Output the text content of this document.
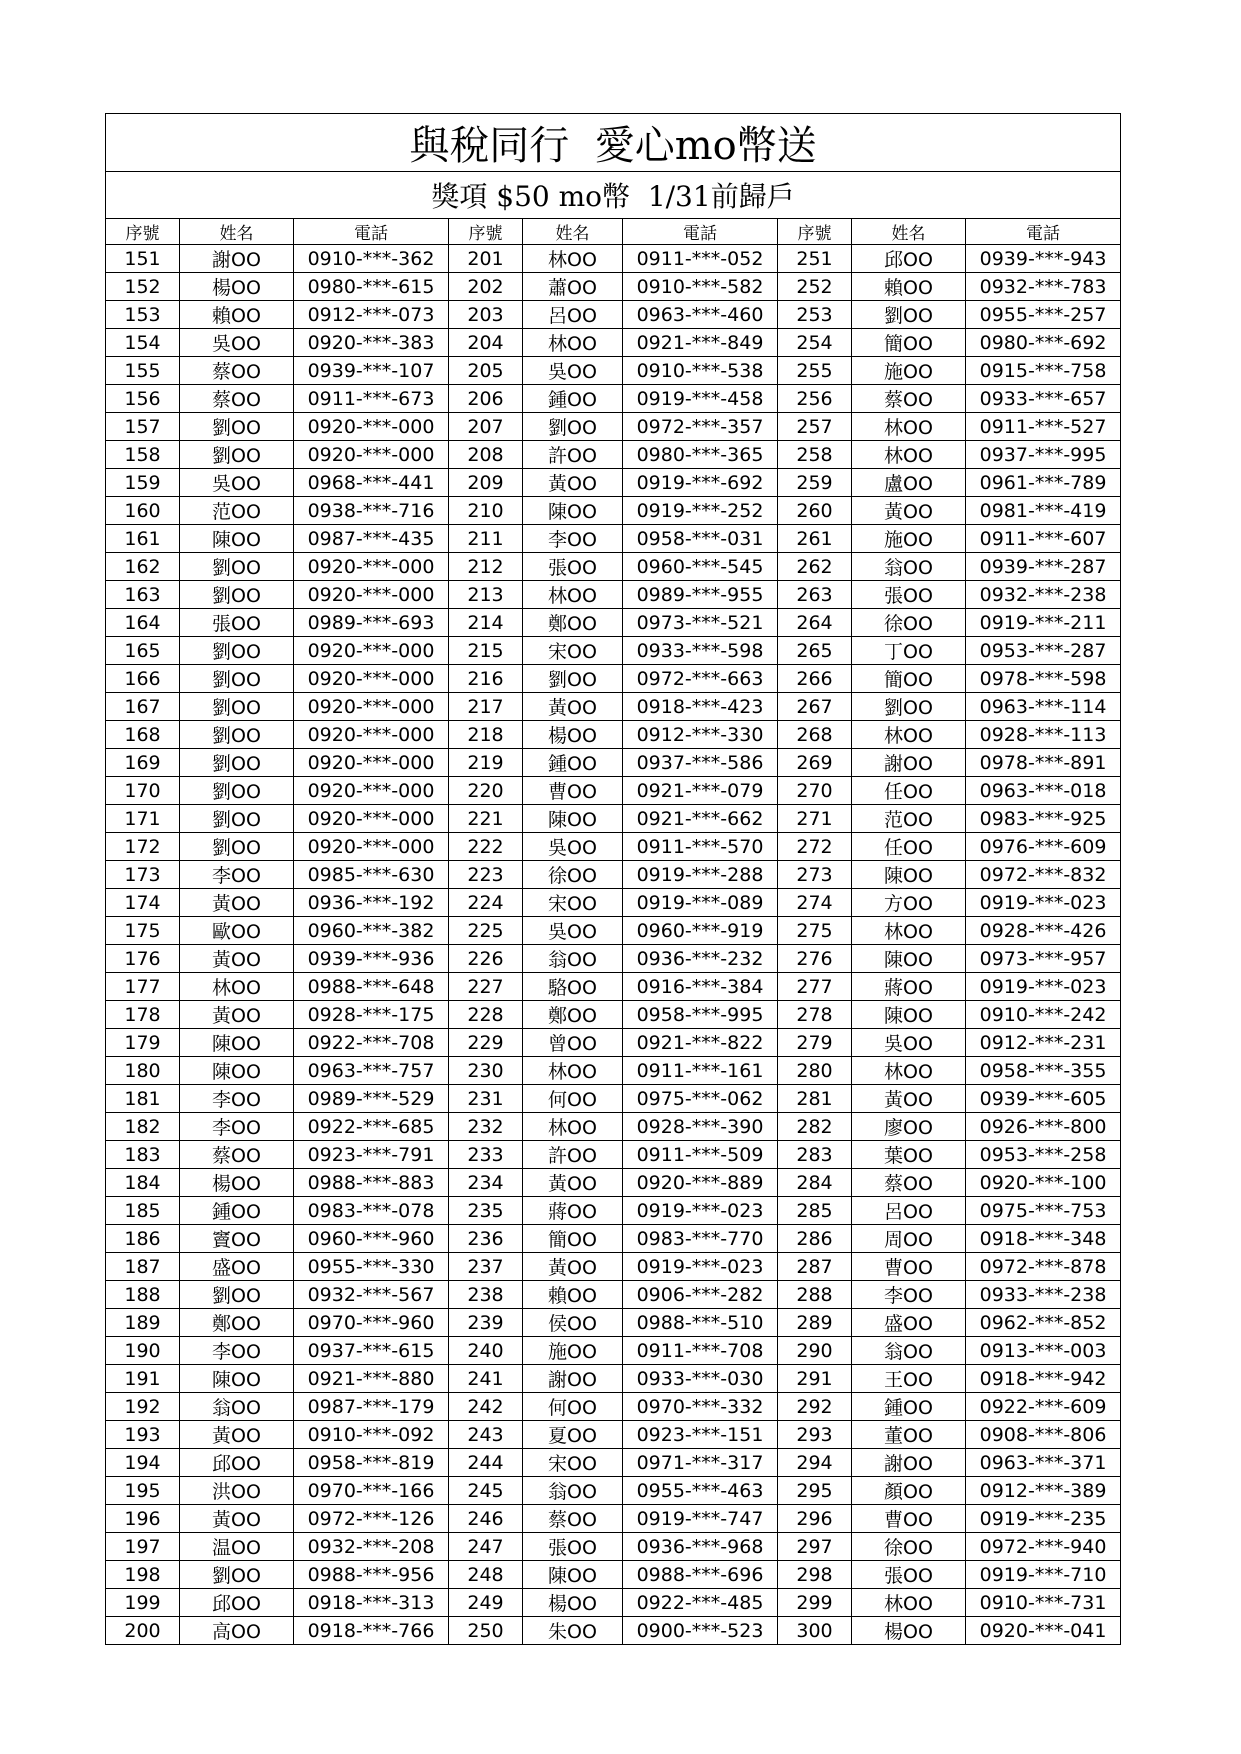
與稅同行  愛心mo幣送								
獎項 $50 mo幣  1/31前歸戶								
序號	姓名	電話	序號	姓名	電話	序號	姓名	電話
151	謝OO	0910-***-362	201	林OO	0911-***-052	251	邱OO	0939-***-943
152	楊OO	0980-***-615	202	蕭OO	0910-***-582	252	賴OO	0932-***-783
153	賴OO	0912-***-073	203	呂OO	0963-***-460	253	劉OO	0955-***-257
154	吳OO	0920-***-383	204	林OO	0921-***-849	254	簡OO	0980-***-692
155	蔡OO	0939-***-107	205	吳OO	0910-***-538	255	施OO	0915-***-758
156	蔡OO	0911-***-673	206	鍾OO	0919-***-458	256	蔡OO	0933-***-657
157	劉OO	0920-***-000	207	劉OO	0972-***-357	257	林OO	0911-***-527
158	劉OO	0920-***-000	208	許OO	0980-***-365	258	林OO	0937-***-995
159	吳OO	0968-***-441	209	黃OO	0919-***-692	259	盧OO	0961-***-789
160	范OO	0938-***-716	210	陳OO	0919-***-252	260	黃OO	0981-***-419
161	陳OO	0987-***-435	211	李OO	0958-***-031	261	施OO	0911-***-607
162	劉OO	0920-***-000	212	張OO	0960-***-545	262	翁OO	0939-***-287
163	劉OO	0920-***-000	213	林OO	0989-***-955	263	張OO	0932-***-238
164	張OO	0989-***-693	214	鄭OO	0973-***-521	264	徐OO	0919-***-211
165	劉OO	0920-***-000	215	宋OO	0933-***-598	265	丁OO	0953-***-287
166	劉OO	0920-***-000	216	劉OO	0972-***-663	266	簡OO	0978-***-598
167	劉OO	0920-***-000	217	黃OO	0918-***-423	267	劉OO	0963-***-114
168	劉OO	0920-***-000	218	楊OO	0912-***-330	268	林OO	0928-***-113
169	劉OO	0920-***-000	219	鍾OO	0937-***-586	269	謝OO	0978-***-891
170	劉OO	0920-***-000	220	曹OO	0921-***-079	270	任OO	0963-***-018
171	劉OO	0920-***-000	221	陳OO	0921-***-662	271	范OO	0983-***-925
172	劉OO	0920-***-000	222	吳OO	0911-***-570	272	任OO	0976-***-609
173	李OO	0985-***-630	223	徐OO	0919-***-288	273	陳OO	0972-***-832
174	黃OO	0936-***-192	224	宋OO	0919-***-089	274	方OO	0919-***-023
175	歐OO	0960-***-382	225	吳OO	0960-***-919	275	林OO	0928-***-426
176	黃OO	0939-***-936	226	翁OO	0936-***-232	276	陳OO	0973-***-957
177	林OO	0988-***-648	227	駱OO	0916-***-384	277	蔣OO	0919-***-023
178	黃OO	0928-***-175	228	鄭OO	0958-***-995	278	陳OO	0910-***-242
179	陳OO	0922-***-708	229	曾OO	0921-***-822	279	吳OO	0912-***-231
180	陳OO	0963-***-757	230	林OO	0911-***-161	280	林OO	0958-***-355
181	李OO	0989-***-529	231	何OO	0975-***-062	281	黃OO	0939-***-605
182	李OO	0922-***-685	232	林OO	0928-***-390	282	廖OO	0926-***-800
183	蔡OO	0923-***-791	233	許OO	0911-***-509	283	葉OO	0953-***-258
184	楊OO	0988-***-883	234	黃OO	0920-***-889	284	蔡OO	0920-***-100
185	鍾OO	0983-***-078	235	蔣OO	0919-***-023	285	呂OO	0975-***-753
186	竇OO	0960-***-960	236	簡OO	0983-***-770	286	周OO	0918-***-348
187	盛OO	0955-***-330	237	黃OO	0919-***-023	287	曹OO	0972-***-878
188	劉OO	0932-***-567	238	賴OO	0906-***-282	288	李OO	0933-***-238
189	鄭OO	0970-***-960	239	侯OO	0988-***-510	289	盛OO	0962-***-852
190	李OO	0937-***-615	240	施OO	0911-***-708	290	翁OO	0913-***-003
191	陳OO	0921-***-880	241	謝OO	0933-***-030	291	王OO	0918-***-942
192	翁OO	0987-***-179	242	何OO	0970-***-332	292	鍾OO	0922-***-609
193	黃OO	0910-***-092	243	夏OO	0923-***-151	293	董OO	0908-***-806
194	邱OO	0958-***-819	244	宋OO	0971-***-317	294	謝OO	0963-***-371
195	洪OO	0970-***-166	245	翁OO	0955-***-463	295	顏OO	0912-***-389
196	黃OO	0972-***-126	246	蔡OO	0919-***-747	296	曹OO	0919-***-235
197	温OO	0932-***-208	247	張OO	0936-***-968	297	徐OO	0972-***-940
198	劉OO	0988-***-956	248	陳OO	0988-***-696	298	張OO	0919-***-710
199	邱OO	0918-***-313	249	楊OO	0922-***-485	299	林OO	0910-***-731
200	高OO	0918-***-766	250	朱OO	0900-***-523	300	楊OO	0920-***-041
